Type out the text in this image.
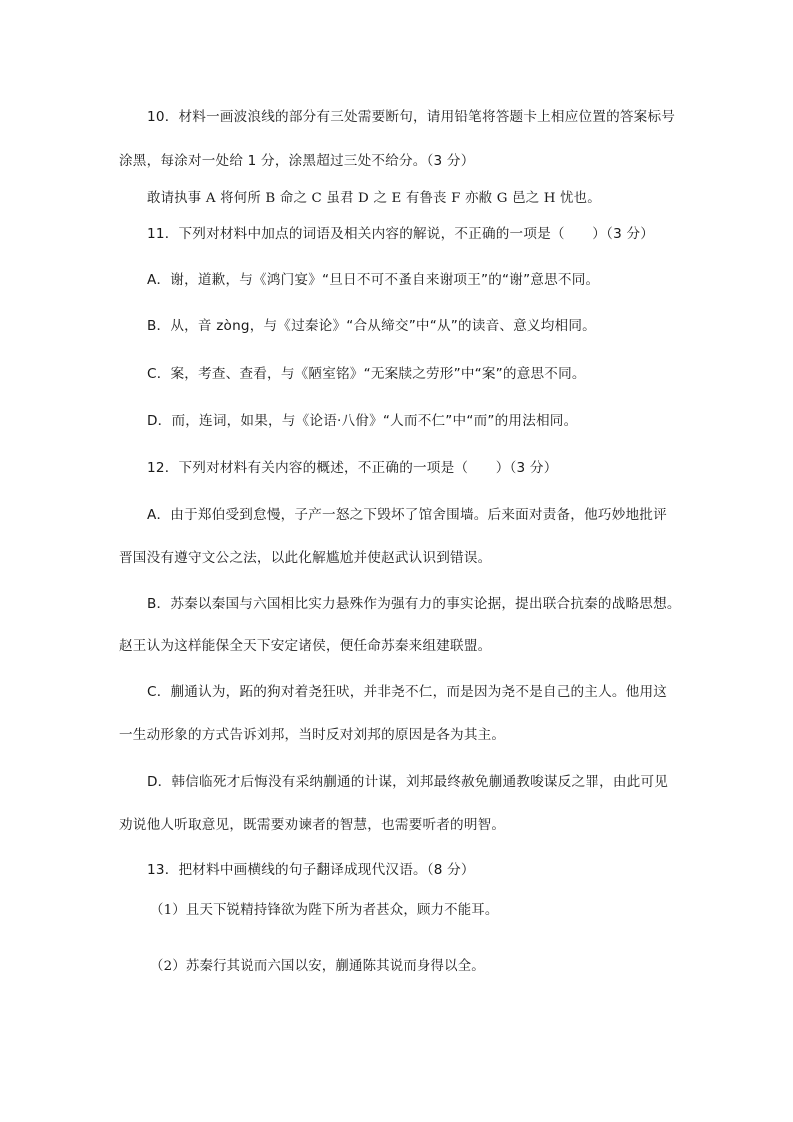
10．材料一画波浪线的部分有三处需要断句，请用铅笔将答题卡上相应位置的答案标号

涂黑，每涂对一处给 1 分，涂黑超过三处不给分。（3 分）

敢请执事 A 将何所 B 命之 C 虽君 D 之 E 有鲁丧 F 亦敝 G 邑之 H 忧也。

11．下列对材料中加点的词语及相关内容的解说，不正确的一项是（　　）（3 分）

A．谢，道歉，与《鸿门宴》“旦日不可不蚤自来谢项王”的“谢”意思不同。

B．从，音 zòng，与《过秦论》“合从缔交”中“从”的读音、意义均相同。

C．案，考查、查看，与《陋室铭》“无案牍之劳形”中“案”的意思不同。

D．而，连词，如果，与《论语·八佾》“人而不仁”中“而”的用法相同。

12．下列对材料有关内容的概述，不正确的一项是（　　）（3 分）

A．由于郑伯受到怠慢，子产一怒之下毁坏了馆舍围墙。后来面对责备，他巧妙地批评

晋国没有遵守文公之法，以此化解尴尬并使赵武认识到错误。

B．苏秦以秦国与六国相比实力悬殊作为强有力的事实论据，提出联合抗秦的战略思想。

赵王认为这样能保全天下安定诸侯，便任命苏秦来组建联盟。

C．蒯通认为，跖的狗对着尧狂吠，并非尧不仁，而是因为尧不是自己的主人。他用这

一生动形象的方式告诉刘邦，当时反对刘邦的原因是各为其主。

D．韩信临死才后悔没有采纳蒯通的计谋，刘邦最终赦免蒯通教唆谋反之罪，由此可见

劝说他人听取意见，既需要劝谏者的智慧，也需要听者的明智。

13．把材料中画横线的句子翻译成现代汉语。（8 分）

（1）且天下锐精持锋欲为陛下所为者甚众，顾力不能耳。

（2）苏秦行其说而六国以安，蒯通陈其说而身得以全。
